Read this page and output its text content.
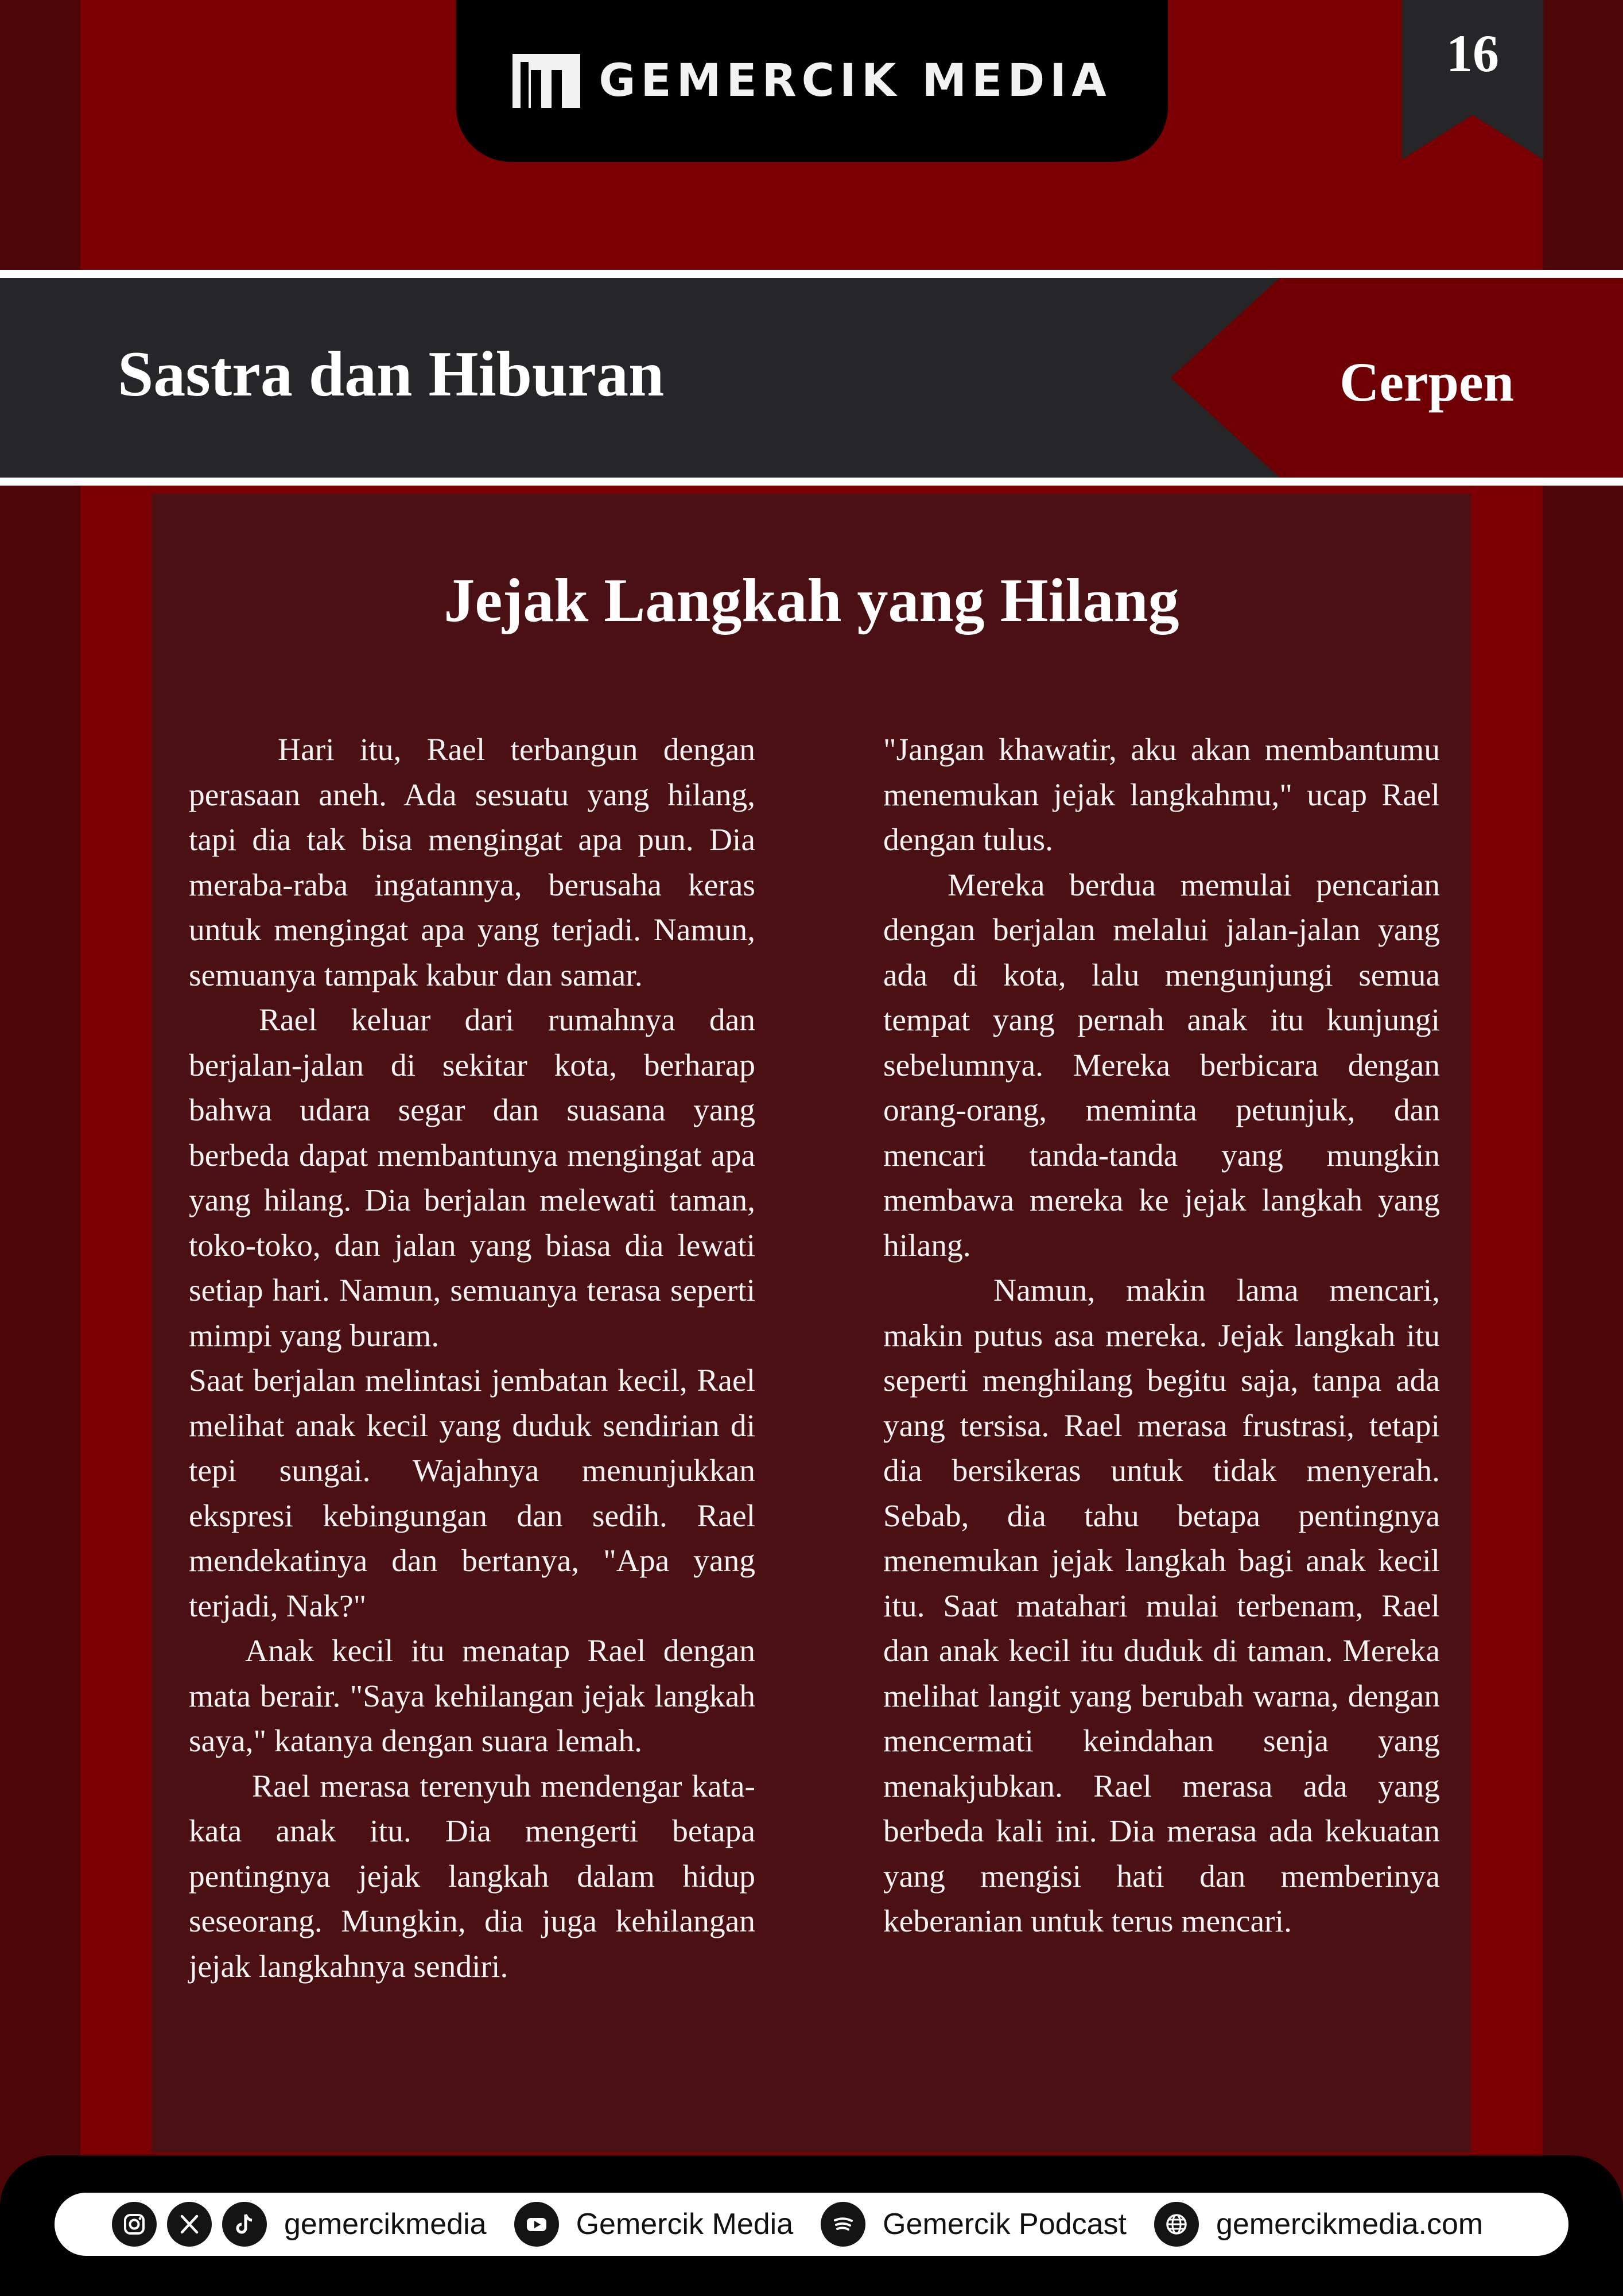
GEMERCIK MEDIA	16
Sastra dan Hiburan	Cerpen
Jejak Langkah yang Hilang

Hari itu, Rael terbangun dengan perasaan aneh. Ada sesuatu yang hilang, tapi dia tak bisa mengingat apa pun. Dia meraba-raba ingatannya, berusaha keras untuk mengingat apa yang terjadi. Namun, semuanya tampak kabur dan samar.

Rael keluar dari rumahnya dan berjalan-jalan di sekitar kota, berharap bahwa udara segar dan suasana yang berbeda dapat membantunya mengingat apa yang hilang. Dia berjalan melewati taman, toko-toko, dan jalan yang biasa dia lewati setiap hari. Namun, semuanya terasa seperti mimpi yang buram.

Saat berjalan melintasi jembatan kecil, Rael melihat anak kecil yang duduk sendirian di tepi sungai. Wajahnya menunjukkan ekspresi kebingungan dan sedih. Rael mendekatinya dan bertanya, "Apa yang terjadi, Nak?"

Anak kecil itu menatap Rael dengan mata berair. "Saya kehilangan jejak langkah saya," katanya dengan suara lemah.

Rael merasa terenyuh mendengar kata-kata anak itu. Dia mengerti betapa pentingnya jejak langkah dalam hidup seseorang. Mungkin, dia juga kehilangan jejak langkahnya sendiri.

"Jangan khawatir, aku akan membantumu menemukan jejak langkahmu," ucap Rael dengan tulus.

Mereka berdua memulai pencarian dengan berjalan melalui jalan-jalan yang ada di kota, lalu mengunjungi semua tempat yang pernah anak itu kunjungi sebelumnya. Mereka berbicara dengan orang-orang, meminta petunjuk, dan mencari tanda-tanda yang mungkin membawa mereka ke jejak langkah yang hilang.

Namun, makin lama mencari, makin putus asa mereka. Jejak langkah itu seperti menghilang begitu saja, tanpa ada yang tersisa. Rael merasa frustrasi, tetapi dia bersikeras untuk tidak menyerah. Sebab, dia tahu betapa pentingnya menemukan jejak langkah bagi anak kecil itu. Saat matahari mulai terbenam, Rael dan anak kecil itu duduk di taman. Mereka melihat langit yang berubah warna, dengan mencermati keindahan senja yang menakjubkan. Rael merasa ada yang berbeda kali ini. Dia merasa ada kekuatan yang mengisi hati dan memberinya keberanian untuk terus mencari.

gemercikmedia	Gemercik Media	Gemercik Podcast	gemercikmedia.com
